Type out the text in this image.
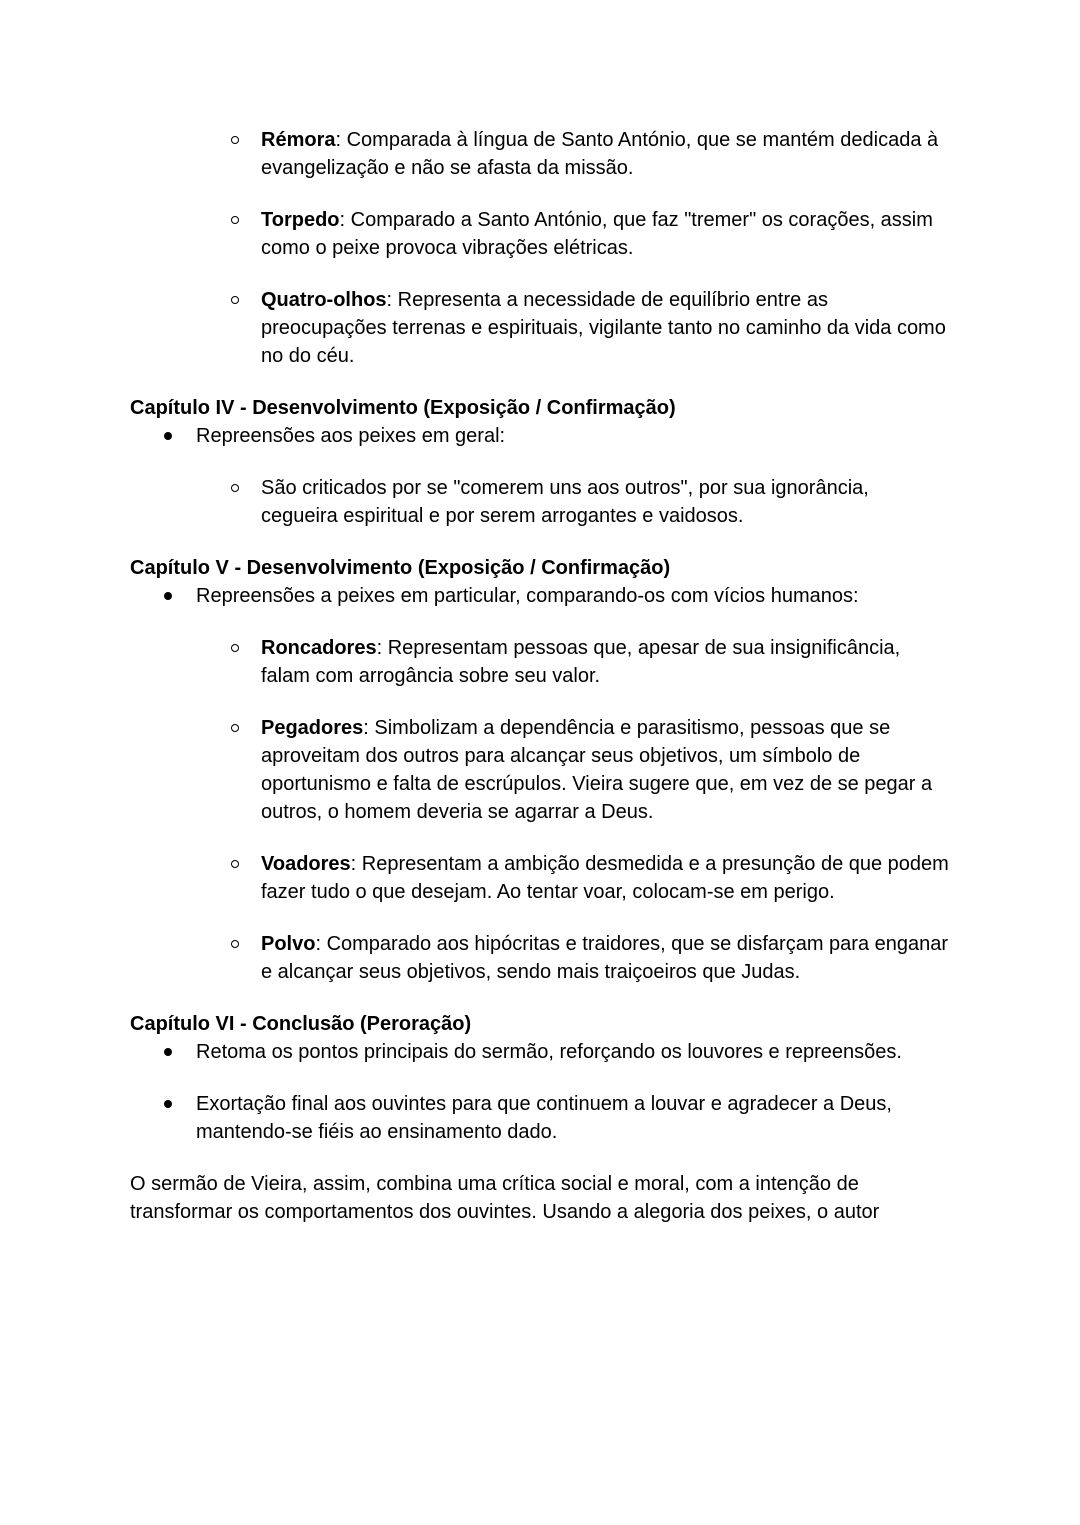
Rémora: Comparada à língua de Santo António, que se mantém dedicada à evangelização e não se afasta da missão.

Torpedo: Comparado a Santo António, que faz "tremer" os corações, assim como o peixe provoca vibrações elétricas.

Quatro-olhos: Representa a necessidade de equilíbrio entre as preocupações terrenas e espirituais, vigilante tanto no caminho da vida como no do céu.

Capítulo IV - Desenvolvimento (Exposição / Confirmação)

Repreensões aos peixes em geral:

São criticados por se "comerem uns aos outros", por sua ignorância, cegueira espiritual e por serem arrogantes e vaidosos.

Capítulo V - Desenvolvimento (Exposição / Confirmação)

Repreensões a peixes em particular, comparando-os com vícios humanos:

Roncadores: Representam pessoas que, apesar de sua insignificância, falam com arrogância sobre seu valor.

Pegadores: Simbolizam a dependência e parasitismo, pessoas que se aproveitam dos outros para alcançar seus objetivos, um símbolo de oportunismo e falta de escrúpulos. Vieira sugere que, em vez de se pegar a outros, o homem deveria se agarrar a Deus.

Voadores: Representam a ambição desmedida e a presunção de que podem fazer tudo o que desejam. Ao tentar voar, colocam-se em perigo.

Polvo: Comparado aos hipócritas e traidores, que se disfarçam para enganar e alcançar seus objetivos, sendo mais traiçoeiros que Judas.

Capítulo VI - Conclusão (Peroração)

Retoma os pontos principais do sermão, reforçando os louvores e repreensões.

Exortação final aos ouvintes para que continuem a louvar e agradecer a Deus, mantendo-se fiéis ao ensinamento dado.

O sermão de Vieira, assim, combina uma crítica social e moral, com a intenção de transformar os comportamentos dos ouvintes. Usando a alegoria dos peixes, o autor
